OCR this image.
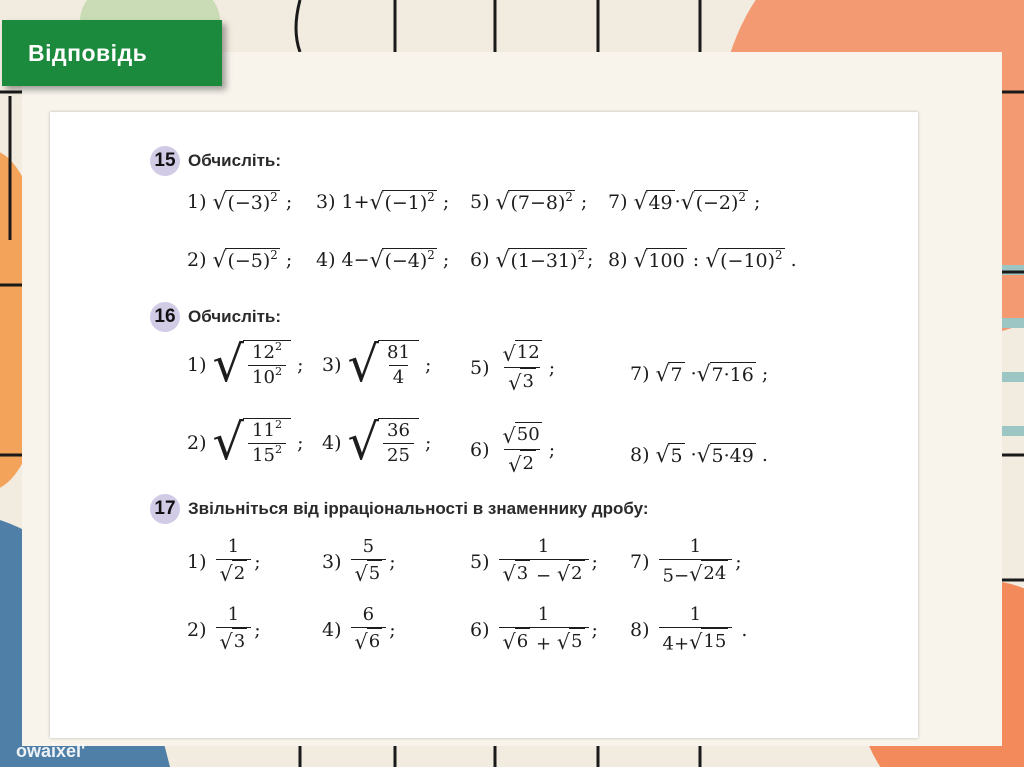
Відповідь
owaixel'
15 Обчисліть:
1) √ $(-3)^2$ ; 3) 1+ √ $(-1)^2$ ; 5) √ $(7-8)^2$ ; 7) √ 49 · √ $(-2)^2$ ;
2) √ $(-5)^2$ ; 4) 4− √ $(-4)^2$ ; 6) √ $(1-31)^2$ ; 8) √ 100 : √ $(-10)^2$ .
16 Обчисліть:
1) √ $\frac{12^2}{10^2}$ ; 3) √ $\frac{81}{4}$ ; $5) \frac{√ 12}{√ 3}$ ;	7) √ 7 · √ 7·16 ;
2) √ $\frac{11^2}{15^2}$ ; 4) √ $\frac{36}{25}$ ; $6) \frac{√ 50}{√ 2}$ ;	8) √ 5 · √ 5·49 .
17 Звільніться від ірраціональності в знаменнику дробу:
$1) \frac{1}{√ 2}$ ;	$3) \frac{5}{√ 5}$ ;	$5) \frac{1}{√ 3 - √ 2}$ ; $7) \frac{1}{5- √ 24}$ ;
$2) \frac{1}{√ 3}$ ;	$4) \frac{6}{√ 6}$ ;	$6) \frac{1}{√ 6 + √ 5}$ ; $8) \frac{1}{4+ √ 15}$ .
